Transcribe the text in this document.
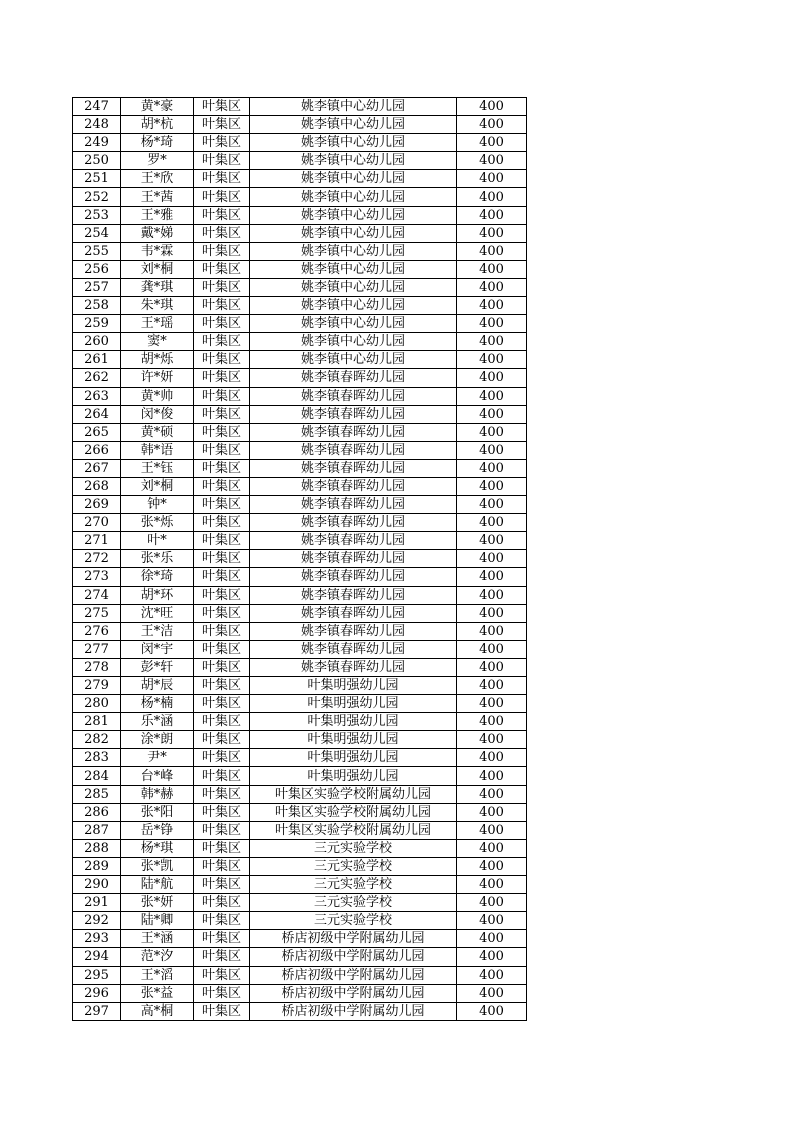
247	黄*豪	叶集区	姚李镇中心幼儿园	400
248	胡*杭	叶集区	姚李镇中心幼儿园	400
249	杨*琦	叶集区	姚李镇中心幼儿园	400
250	罗*	叶集区	姚李镇中心幼儿园	400
251	王*欣	叶集区	姚李镇中心幼儿园	400
252	王*茜	叶集区	姚李镇中心幼儿园	400
253	王*雅	叶集区	姚李镇中心幼儿园	400
254	戴*娣	叶集区	姚李镇中心幼儿园	400
255	韦*霖	叶集区	姚李镇中心幼儿园	400
256	刘*桐	叶集区	姚李镇中心幼儿园	400
257	龚*琪	叶集区	姚李镇中心幼儿园	400
258	朱*琪	叶集区	姚李镇中心幼儿园	400
259	王*瑶	叶集区	姚李镇中心幼儿园	400
260	窦*	叶集区	姚李镇中心幼儿园	400
261	胡*烁	叶集区	姚李镇中心幼儿园	400
262	许*妍	叶集区	姚李镇春晖幼儿园	400
263	黄*帅	叶集区	姚李镇春晖幼儿园	400
264	闵*俊	叶集区	姚李镇春晖幼儿园	400
265	黄*硕	叶集区	姚李镇春晖幼儿园	400
266	韩*语	叶集区	姚李镇春晖幼儿园	400
267	王*钰	叶集区	姚李镇春晖幼儿园	400
268	刘*桐	叶集区	姚李镇春晖幼儿园	400
269	钟*	叶集区	姚李镇春晖幼儿园	400
270	张*烁	叶集区	姚李镇春晖幼儿园	400
271	叶*	叶集区	姚李镇春晖幼儿园	400
272	张*乐	叶集区	姚李镇春晖幼儿园	400
273	徐*琦	叶集区	姚李镇春晖幼儿园	400
274	胡*环	叶集区	姚李镇春晖幼儿园	400
275	沈*旺	叶集区	姚李镇春晖幼儿园	400
276	王*洁	叶集区	姚李镇春晖幼儿园	400
277	闵*宇	叶集区	姚李镇春晖幼儿园	400
278	彭*轩	叶集区	姚李镇春晖幼儿园	400
279	胡*辰	叶集区	叶集明强幼儿园	400
280	杨*楠	叶集区	叶集明强幼儿园	400
281	乐*涵	叶集区	叶集明强幼儿园	400
282	涂*朗	叶集区	叶集明强幼儿园	400
283	尹*	叶集区	叶集明强幼儿园	400
284	台*峰	叶集区	叶集明强幼儿园	400
285	韩*赫	叶集区	叶集区实验学校附属幼儿园	400
286	张*阳	叶集区	叶集区实验学校附属幼儿园	400
287	岳*铮	叶集区	叶集区实验学校附属幼儿园	400
288	杨*琪	叶集区	三元实验学校	400
289	张*凯	叶集区	三元实验学校	400
290	陆*航	叶集区	三元实验学校	400
291	张*妍	叶集区	三元实验学校	400
292	陆*卿	叶集区	三元实验学校	400
293	王*涵	叶集区	桥店初级中学附属幼儿园	400
294	范*汐	叶集区	桥店初级中学附属幼儿园	400
295	王*滔	叶集区	桥店初级中学附属幼儿园	400
296	张*益	叶集区	桥店初级中学附属幼儿园	400
297	高*桐	叶集区	桥店初级中学附属幼儿园	400
